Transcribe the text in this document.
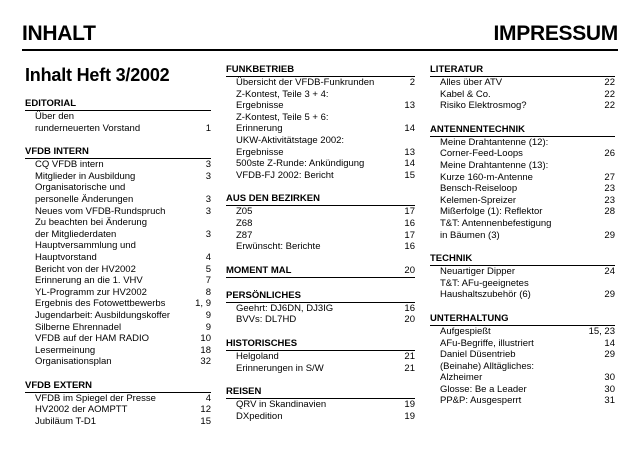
INHALT	IMPRESSUM
Inhalt Heft 3/2002
EDITORIAL
Über den
runderneuerten Vorstand	1
VFDB INTERN
CQ VFDB intern	3
Mitglieder in Ausbildung	3
Organisatorische und
personelle Änderungen	3
Neues vom VFDB-Rundspruch	3
Zu beachten bei Änderung
der Mitgliederdaten	3
Hauptversammlung und
Hauptvorstand	4
Bericht von der HV2002	5
Erinnerung an die 1. VHV	7
YL-Programm zur HV2002	8
Ergebnis des Fotowettbewerbs	1, 9
Jugendarbeit: Ausbildungskoffer	9
Silberne Ehrennadel	9
VFDB auf der HAM RADIO	10
Lesermeinung	18
Organisationsplan	32
VFDB EXTERN
VFDB im Spiegel der Presse	4
HV2002 der AOMPTT	12
Jubiläum T-D1	15
FUNKBETRIEB
Übersicht der VFDB-Funkrunden	2
Z-Kontest, Teile 3 + 4:
Ergebnisse	13
Z-Kontest, Teile 5 + 6:
Erinnerung	14
UKW-Aktivitätstage 2002:
Ergebnisse	13
500ste Z-Runde: Ankündigung	14
VFDB-FJ 2002: Bericht	15
AUS DEN BEZIRKEN
Z05	17
Z68	16
Z87	17
Erwünscht: Berichte	16
MOMENT MAL	20
PERSÖNLICHES
Geehrt: DJ6DN, DJ3IG	16
BVVs: DL7HD	20
HISTORISCHES
Helgoland	21
Erinnerungen in S/W	21
REISEN
QRV in Skandinavien	19
DXpedition	19
LITERATUR
Alles über ATV	22
Kabel & Co.	22
Risiko Elektrosmog?	22
ANTENNENTECHNIK
Meine Drahtantenne (12):
Corner-Feed-Loops	26
Meine Drahtantenne (13):
Kurze 160-m-Antenne	27
Bensch-Reiseloop	23
Kelemen-Spreizer	23
Mißerfolge (1): Reflektor	28
T&T: Antennenbefestigung
in Bäumen (3)	29
TECHNIK
Neuartiger Dipper	24
T&T: AFu-geeignetes
Haushaltszubehör (6)	29
UNTERHALTUNG
Aufgespießt	15, 23
AFu-Begriffe, illustriert	14
Daniel Düsentrieb	29
(Beinahe) Alltägliches:
Alzheimer	30
Glosse: Be a Leader	30
PP&P: Ausgesperrt	31
